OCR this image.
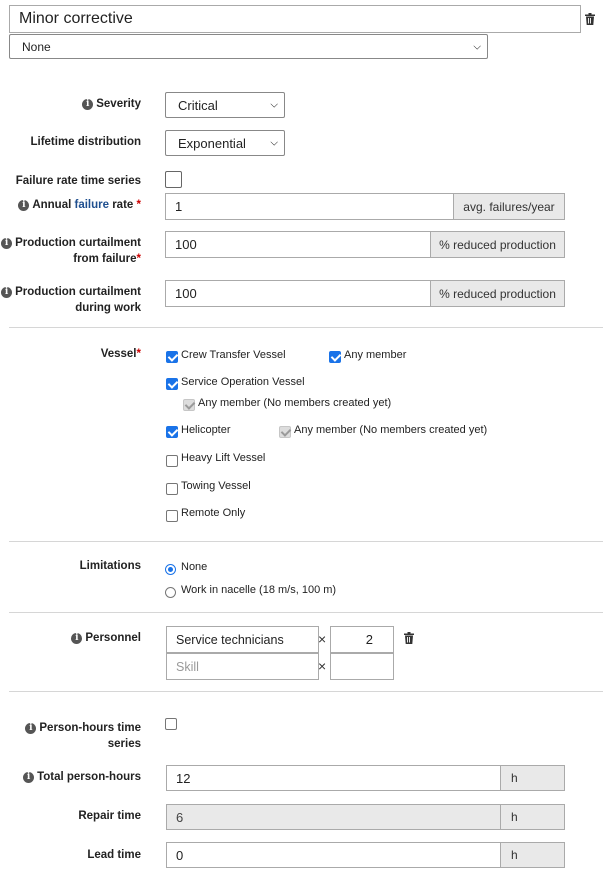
Minor corrective
None	⌵
i Severity	Critical	⌵
Lifetime distribution	Exponential ⌵
Failure rate time series
i Annual failure rate *	1	avg. failures/year
i Production curtailment
from failure*
100	% reduced production
i Production curtailment
during work
100	% reduced production
Vessel*	Crew Transfer Vessel	Any member
Service Operation Vessel
Any member (No members created yet)
Helicopter	Any member (No members created yet)
Heavy Lift Vessel
Towing Vessel
Remote Only
Limitations	None
Work in nacelle (18 m/s, 100 m)
i Personnel	Service technicians	×	2
Skill	×
i Person-hours time
series
i Total person-hours	12	h
Repair time	6	h
Lead time	0	h
